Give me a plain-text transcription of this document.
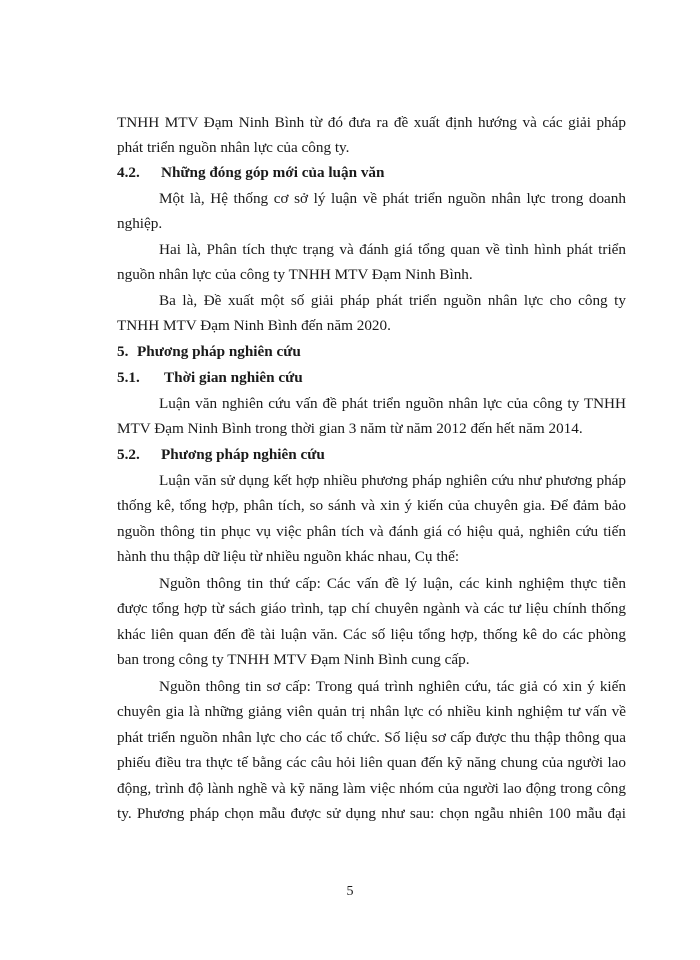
TNHH MTV Đạm Ninh Bình từ đó đưa ra đề xuất định hướng và các giải pháp

phát triển nguồn nhân lực của công ty.

4.2. Những đóng góp mới của luận văn

Một là, Hệ thống cơ sở lý luận về phát triển nguồn nhân lực trong doanh

nghiệp.

Hai là, Phân tích thực trạng và đánh giá tổng quan về tình hình phát triển

nguồn nhân lực của công ty TNHH MTV Đạm Ninh Bình.

Ba là, Đề xuất một số giải pháp phát triển nguồn nhân lực cho công ty

TNHH MTV Đạm Ninh Bình đến năm 2020.

5. Phương pháp nghiên cứu

5.1. Thời gian nghiên cứu

Luận văn nghiên cứu vấn đề phát triển nguồn nhân lực của công ty TNHH

MTV Đạm Ninh Bình trong thời gian 3 năm từ năm 2012 đến hết năm 2014.

5.2. Phương pháp nghiên cứu

Luận văn sử dụng kết hợp nhiều phương pháp nghiên cứu như phương pháp

thống kê, tổng hợp, phân tích, so sánh và xin ý kiến của chuyên gia. Để đảm bảo

nguồn thông tin phục vụ việc phân tích và đánh giá có hiệu quả, nghiên cứu tiến

hành thu thập dữ liệu từ nhiều nguồn khác nhau, Cụ thể:

Nguồn thông tin thứ cấp: Các vấn đề lý luận, các kinh nghiệm thực tiễn

được tổng hợp từ sách giáo trình, tạp chí chuyên ngành và các tư liệu chính thống

khác liên quan đến đề tài luận văn. Các số liệu tổng hợp, thống kê do các phòng

ban trong công ty TNHH MTV Đạm Ninh Bình cung cấp.

Nguồn thông tin sơ cấp: Trong quá trình nghiên cứu, tác giả có xin ý kiến

chuyên gia là những giảng viên quản trị nhân lực có nhiều kinh nghiệm tư vấn về

phát triển nguồn nhân lực cho các tổ chức. Số liệu sơ cấp được thu thập thông qua

phiếu điều tra thực tế bằng các câu hỏi liên quan đến kỹ năng chung của người lao

động, trình độ lành nghề và kỹ năng làm việc nhóm của người lao động trong công

ty. Phương pháp chọn mẫu được sử dụng như sau: chọn ngẫu nhiên 100 mẫu đại

5
